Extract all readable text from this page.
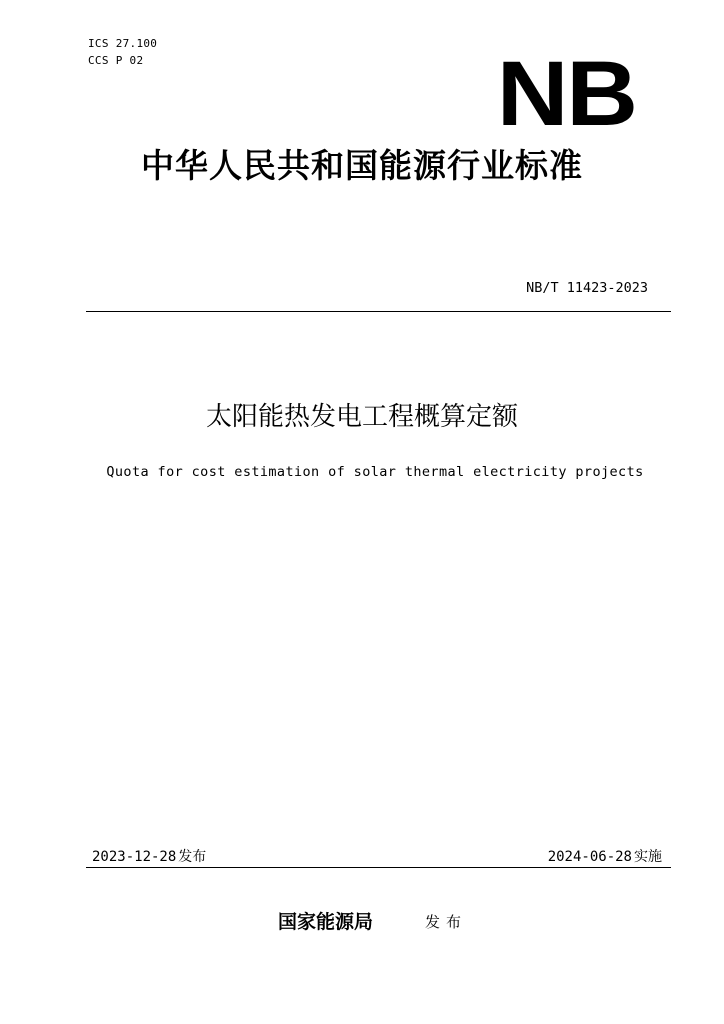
ICS 27.100
CCS P 02	NB
中华人民共和国能源行业标准
NB/T 11423-2023
太阳能热发电工程概算定额
Quota for cost estimation of solar thermal electricity projects
2023-12-28 发布	2024-06-28 实施
国家能源局	发布
